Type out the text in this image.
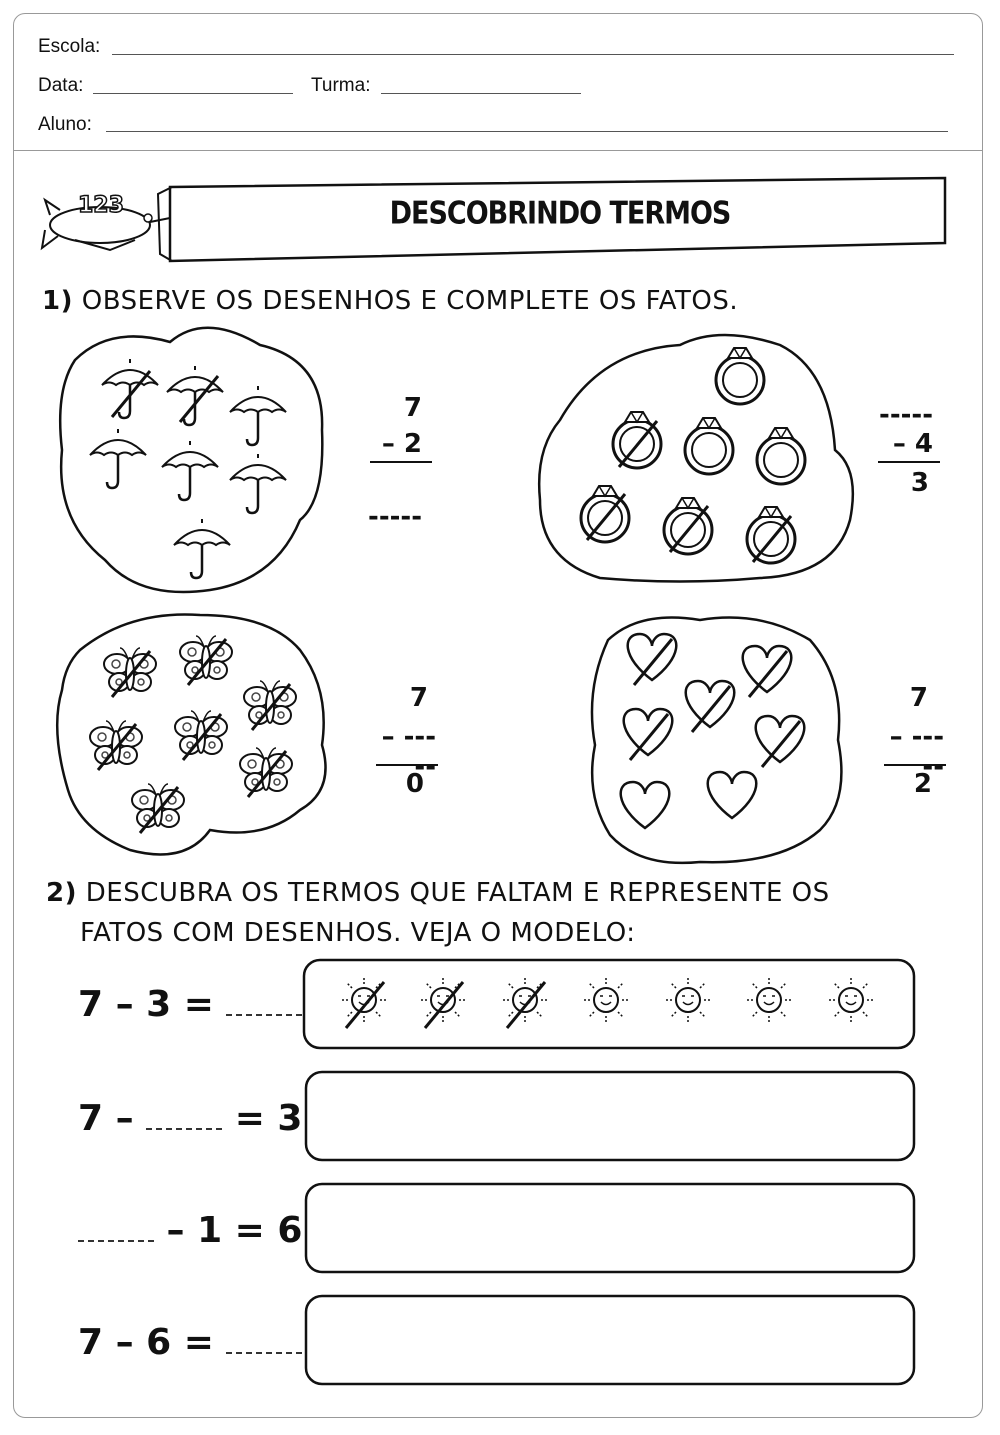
Escola:
Data:	Turma:
Aluno:
123	DESCOBRINDO TERMOS
1) OBSERVE OS DESENHOS E COMPLETE OS FATOS.
7
– 2
-----
-----
– 4
3
7
– -----
0
7
– -----
2
2) DESCUBRA OS TERMOS QUE FALTAM E REPRESENTE OS
FATOS COM DESENHOS. VEJA O MODELO:
7 – 3 =
7 –	= 3
– 1 = 6
7 – 6 =
